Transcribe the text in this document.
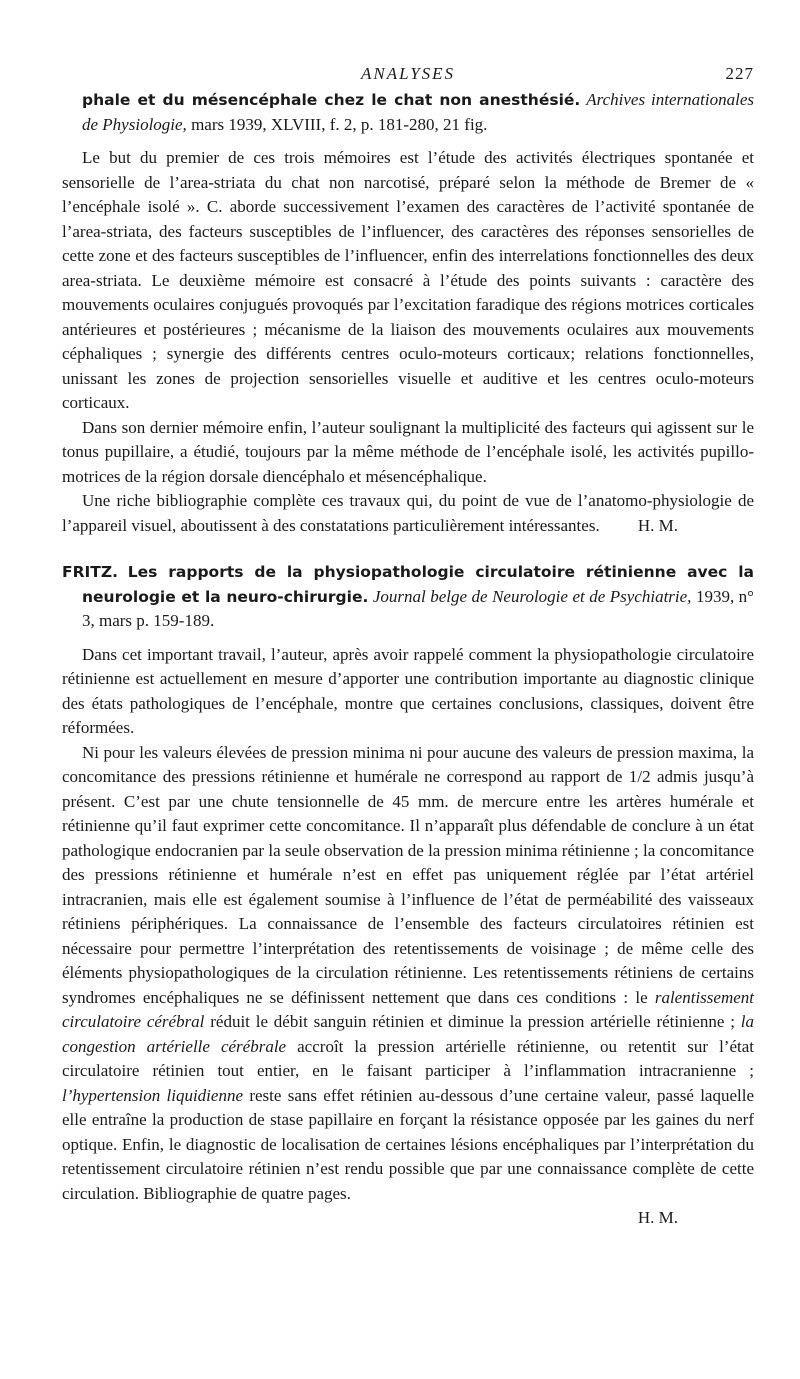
ANALYSES	227

phale et du mésencéphale chez le chat non anesthésié. Archives internationales de Physiologie, mars 1939, XLVIII, f. 2, p. 181-280, 21 fig.

Le but du premier de ces trois mémoires est l’étude des activités électriques spontanée et sensorielle de l’area-striata du chat non narcotisé, préparé selon la méthode de Bremer de « l’encéphale isolé ». C. aborde successivement l’examen des caractères de l’activité spontanée de l’area-striata, des facteurs susceptibles de l’influencer, des caractères des réponses sensorielles de cette zone et des facteurs susceptibles de l’influencer, enfin des interrelations fonctionnelles des deux area-striata. Le deuxième mémoire est consacré à l’étude des points suivants : caractère des mouvements oculaires conjugués provoqués par l’excitation faradique des régions motrices corticales antérieures et postérieures ; mécanisme de la liaison des mouvements oculaires aux mouvements céphaliques ; synergie des différents centres oculo-moteurs corticaux; relations fonctionnelles, unissant les zones de projection sensorielles visuelle et auditive et les centres oculo-moteurs corticaux.

Dans son dernier mémoire enfin, l’auteur soulignant la multiplicité des facteurs qui agissent sur le tonus pupillaire, a étudié, toujours par la même méthode de l’encéphale isolé, les activités pupillo-motrices de la région dorsale diencéphalo et mésencéphalique.

Une riche bibliographie complète ces travaux qui, du point de vue de l’anatomo-physiologie de l’appareil visuel, aboutissent à des constatations particulièrement intéressantes.	H. M.

FRITZ. Les rapports de la physiopathologie circulatoire rétinienne avec la neurologie et la neuro-chirurgie. Journal belge de Neurologie et de Psychiatrie, 1939, n° 3, mars p. 159-189.

Dans cet important travail, l’auteur, après avoir rappelé comment la physiopathologie circulatoire rétinienne est actuellement en mesure d’apporter une contribution importante au diagnostic clinique des états pathologiques de l’encéphale, montre que certaines conclusions, classiques, doivent être réformées.

Ni pour les valeurs élevées de pression minima ni pour aucune des valeurs de pression maxima, la concomitance des pressions rétinienne et humérale ne correspond au rapport de 1/2 admis jusqu’à présent. C’est par une chute tensionnelle de 45 mm. de mercure entre les artères humérale et rétinienne qu’il faut exprimer cette concomitance. Il n’apparaît plus défendable de conclure à un état pathologique endocranien par la seule observation de la pression minima rétinienne ; la concomitance des pressions rétinienne et humérale n’est en effet pas uniquement réglée par l’état artériel intracranien, mais elle est également soumise à l’influence de l’état de perméabilité des vaisseaux rétiniens périphériques. La connaissance de l’ensemble des facteurs circulatoires rétinien est nécessaire pour permettre l’interprétation des retentissements de voisinage ; de même celle des éléments physiopathologiques de la circulation rétinienne. Les retentissements rétiniens de certains syndromes encéphaliques ne se définissent nettement que dans ces conditions : le ralentissement circulatoire cérébral réduit le débit sanguin rétinien et diminue la pression artérielle rétinienne ; la congestion artérielle cérébrale accroît la pression artérielle rétinienne, ou retentit sur l’état circulatoire rétinien tout entier, en le faisant participer à l’inflammation intracranienne ; l’hypertension liquidienne reste sans effet rétinien au-dessous d’une certaine valeur, passé laquelle elle entraîne la production de stase papillaire en forçant la résistance opposée par les gaines du nerf optique. Enfin, le diagnostic de localisation de certaines lésions encéphaliques par l’interprétation du retentissement circulatoire rétinien n’est rendu possible que par une connaissance complète de cette circulation. Bibliographie de quatre pages.

H. M.
